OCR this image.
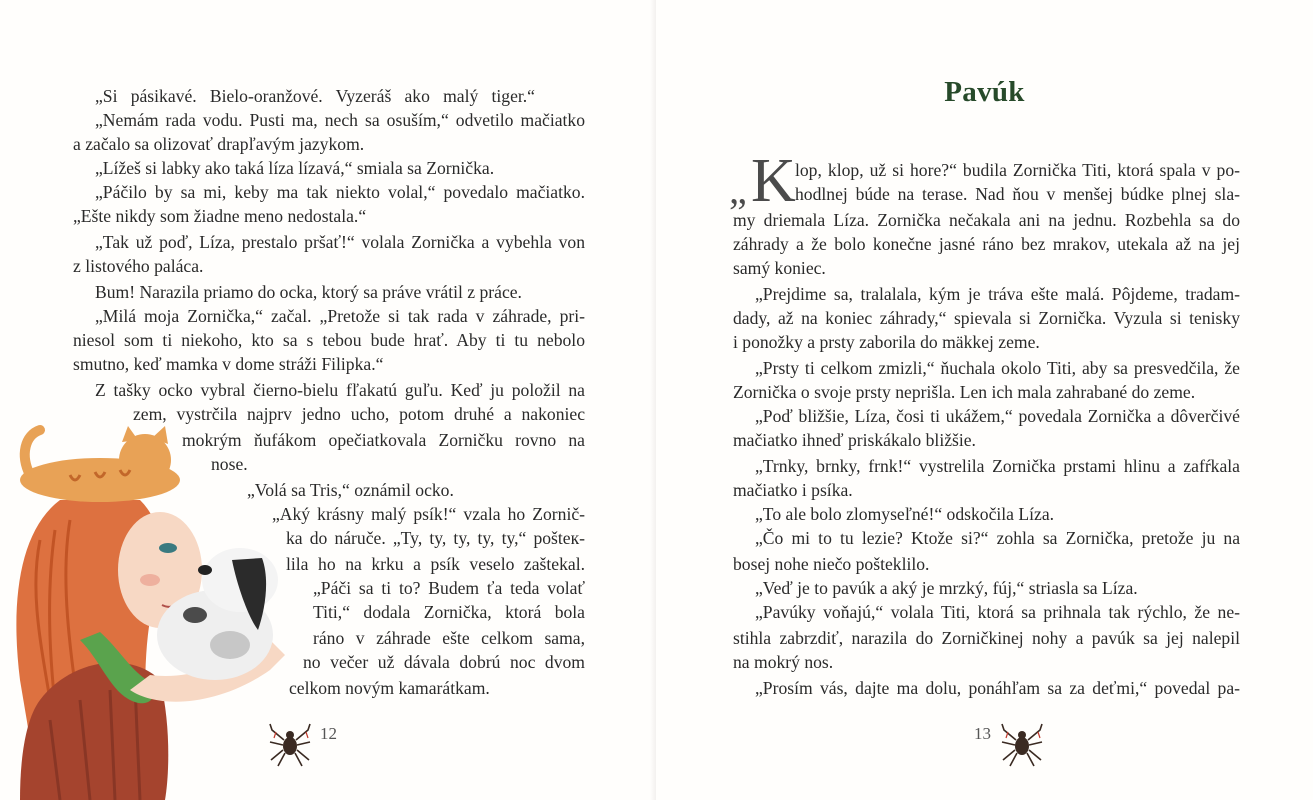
„Si pásikavé. Bielo-oranžové. Vyzeráš ako malý tiger.“
„Nemám rada vodu. Pusti ma, nech sa osuším,“ odvetilo mačiatko
a začalo sa olizovať drapľavým jazykom.
„Lížeš si labky ako taká líza lízavá,“ smiala sa Zornička.
„Páčilo by sa mi, keby ma tak niekto volal,“ povedalo mačiatko.
„Ešte nikdy som žiadne meno nedostala.“
„Tak už poď, Líza, prestalo pršať!“ volala Zornička a vybehla von
z listového paláca.
Bum! Narazila priamo do ocka, ktorý sa práve vrátil z práce.
„Milá moja Zornička,“ začal. „Pretože si tak rada v záhrade, pri-
niesol som ti niekoho, kto sa s tebou bude hrať. Aby ti tu nebolo
smutno, keď mamka v dome stráži Filipka.“
Z tašky ocko vybral čierno-bielu fľakatú guľu. Keď ju položil na
zem, vystrčila najprv jedno ucho, potom druhé a nakoniec
mokrým ňufákom opečiatkovala Zorničku rovno na
nose.
„Volá sa Tris,“ oznámil ocko.
„Aký krásny malý psík!“ vzala ho Zornič-
ka do náruče. „Ty, ty, ty, ty, ty,“ pošteк-
lila ho na krku a psík veselo zaštekal.
„Páči sa ti to? Budem ťa teda volať
Titi,“ dodala Zornička, ktorá bola
ráno v záhrade ešte celkom sama,
no večer už dávala dobrú noc dvom
celkom novým kamarátkam.
12
Pavúk
„ K lop, klop, už si hore?“ budila Zornička Titi, ktorá spala v po-
hodlnej búde na terase. Nad ňou v menšej búdke plnej sla-
my driemala Líza. Zornička nečakala ani na jednu. Rozbehla sa do
záhrady a že bolo konečne jasné ráno bez mrakov, utekala až na jej
samý koniec.
„Prejdime sa, tralalala, kým je tráva ešte malá. Pôjdeme, tradam-
dady, až na koniec záhrady,“ spievala si Zornička. Vyzula si tenisky
i ponožky a prsty zaborila do mäkkej zeme.
„Prsty ti celkom zmizli,“ ňuchala okolo Titi, aby sa presvedčila, že
Zornička o svoje prsty neprišla. Len ich mala zahrabané do zeme.
„Poď bližšie, Líza, čosi ti ukážem,“ povedala Zornička a dôverčivé
mačiatko ihneď priskákalo bližšie.
„Trnky, brnky, frnk!“ vystrelila Zornička prstami hlinu a zafŕkala
mačiatko i psíka.
„To ale bolo zlomyseľné!“ odskočila Líza.
„Čo mi to tu lezie? Ktože si?“ zohla sa Zornička, pretože ju na
bosej nohe niečo pošteklilo.
„Veď je to pavúk a aký je mrzký, fúj,“ striasla sa Líza.
„Pavúky voňajú,“ volala Titi, ktorá sa prihnala tak rýchlo, že ne-
stihla zabrzdiť, narazila do Zorničkinej nohy a pavúk sa jej nalepil
na mokrý nos.
„Prosím vás, dajte ma dolu, ponáhľam sa za deťmi,“ povedal pa-
13
